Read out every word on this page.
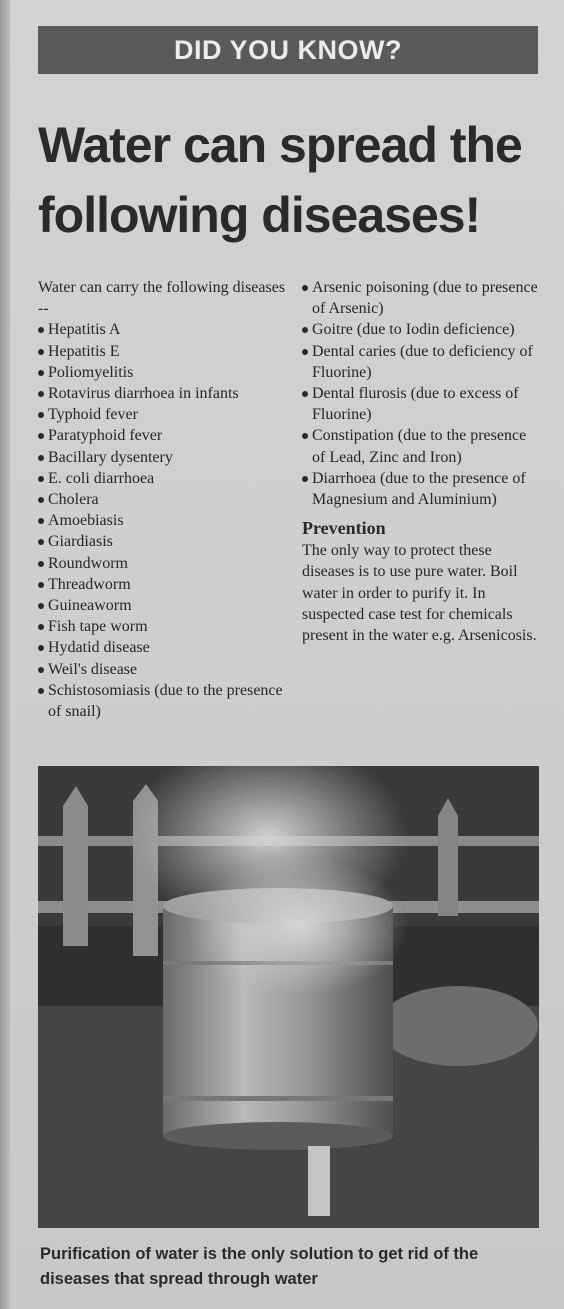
DID YOU KNOW?
Water can spread the
following diseases!

Water can carry the following diseases --

Hepatitis A
Hepatitis E
Poliomyelitis
Rotavirus diarrhoea in infants
Typhoid fever
Paratyphoid fever
Bacillary dysentery
E. coli diarrhoea
Cholera
Amoebiasis
Giardiasis
Roundworm
Threadworm
Guineaworm
Fish tape worm
Hydatid disease
Weil's disease
Schistosomiasis (due to the presence of snail)
Arsenic poisoning (due to presence of Arsenic)
Goitre (due to Iodin deficience)
Dental caries (due to deficiency of Fluorine)
Dental flurosis (due to excess of Fluorine)
Constipation (due to the presence of Lead, Zinc and Iron)
Diarrhoea (due to the presence of Magnesium and Aluminium)
Prevention

The only way to protect these diseases is to use pure water. Boil water in order to purify it. In suspected case test for chemicals present in the water e.g. Arsenicosis.

Purification of water is the only solution to get rid of the diseases that spread through water
